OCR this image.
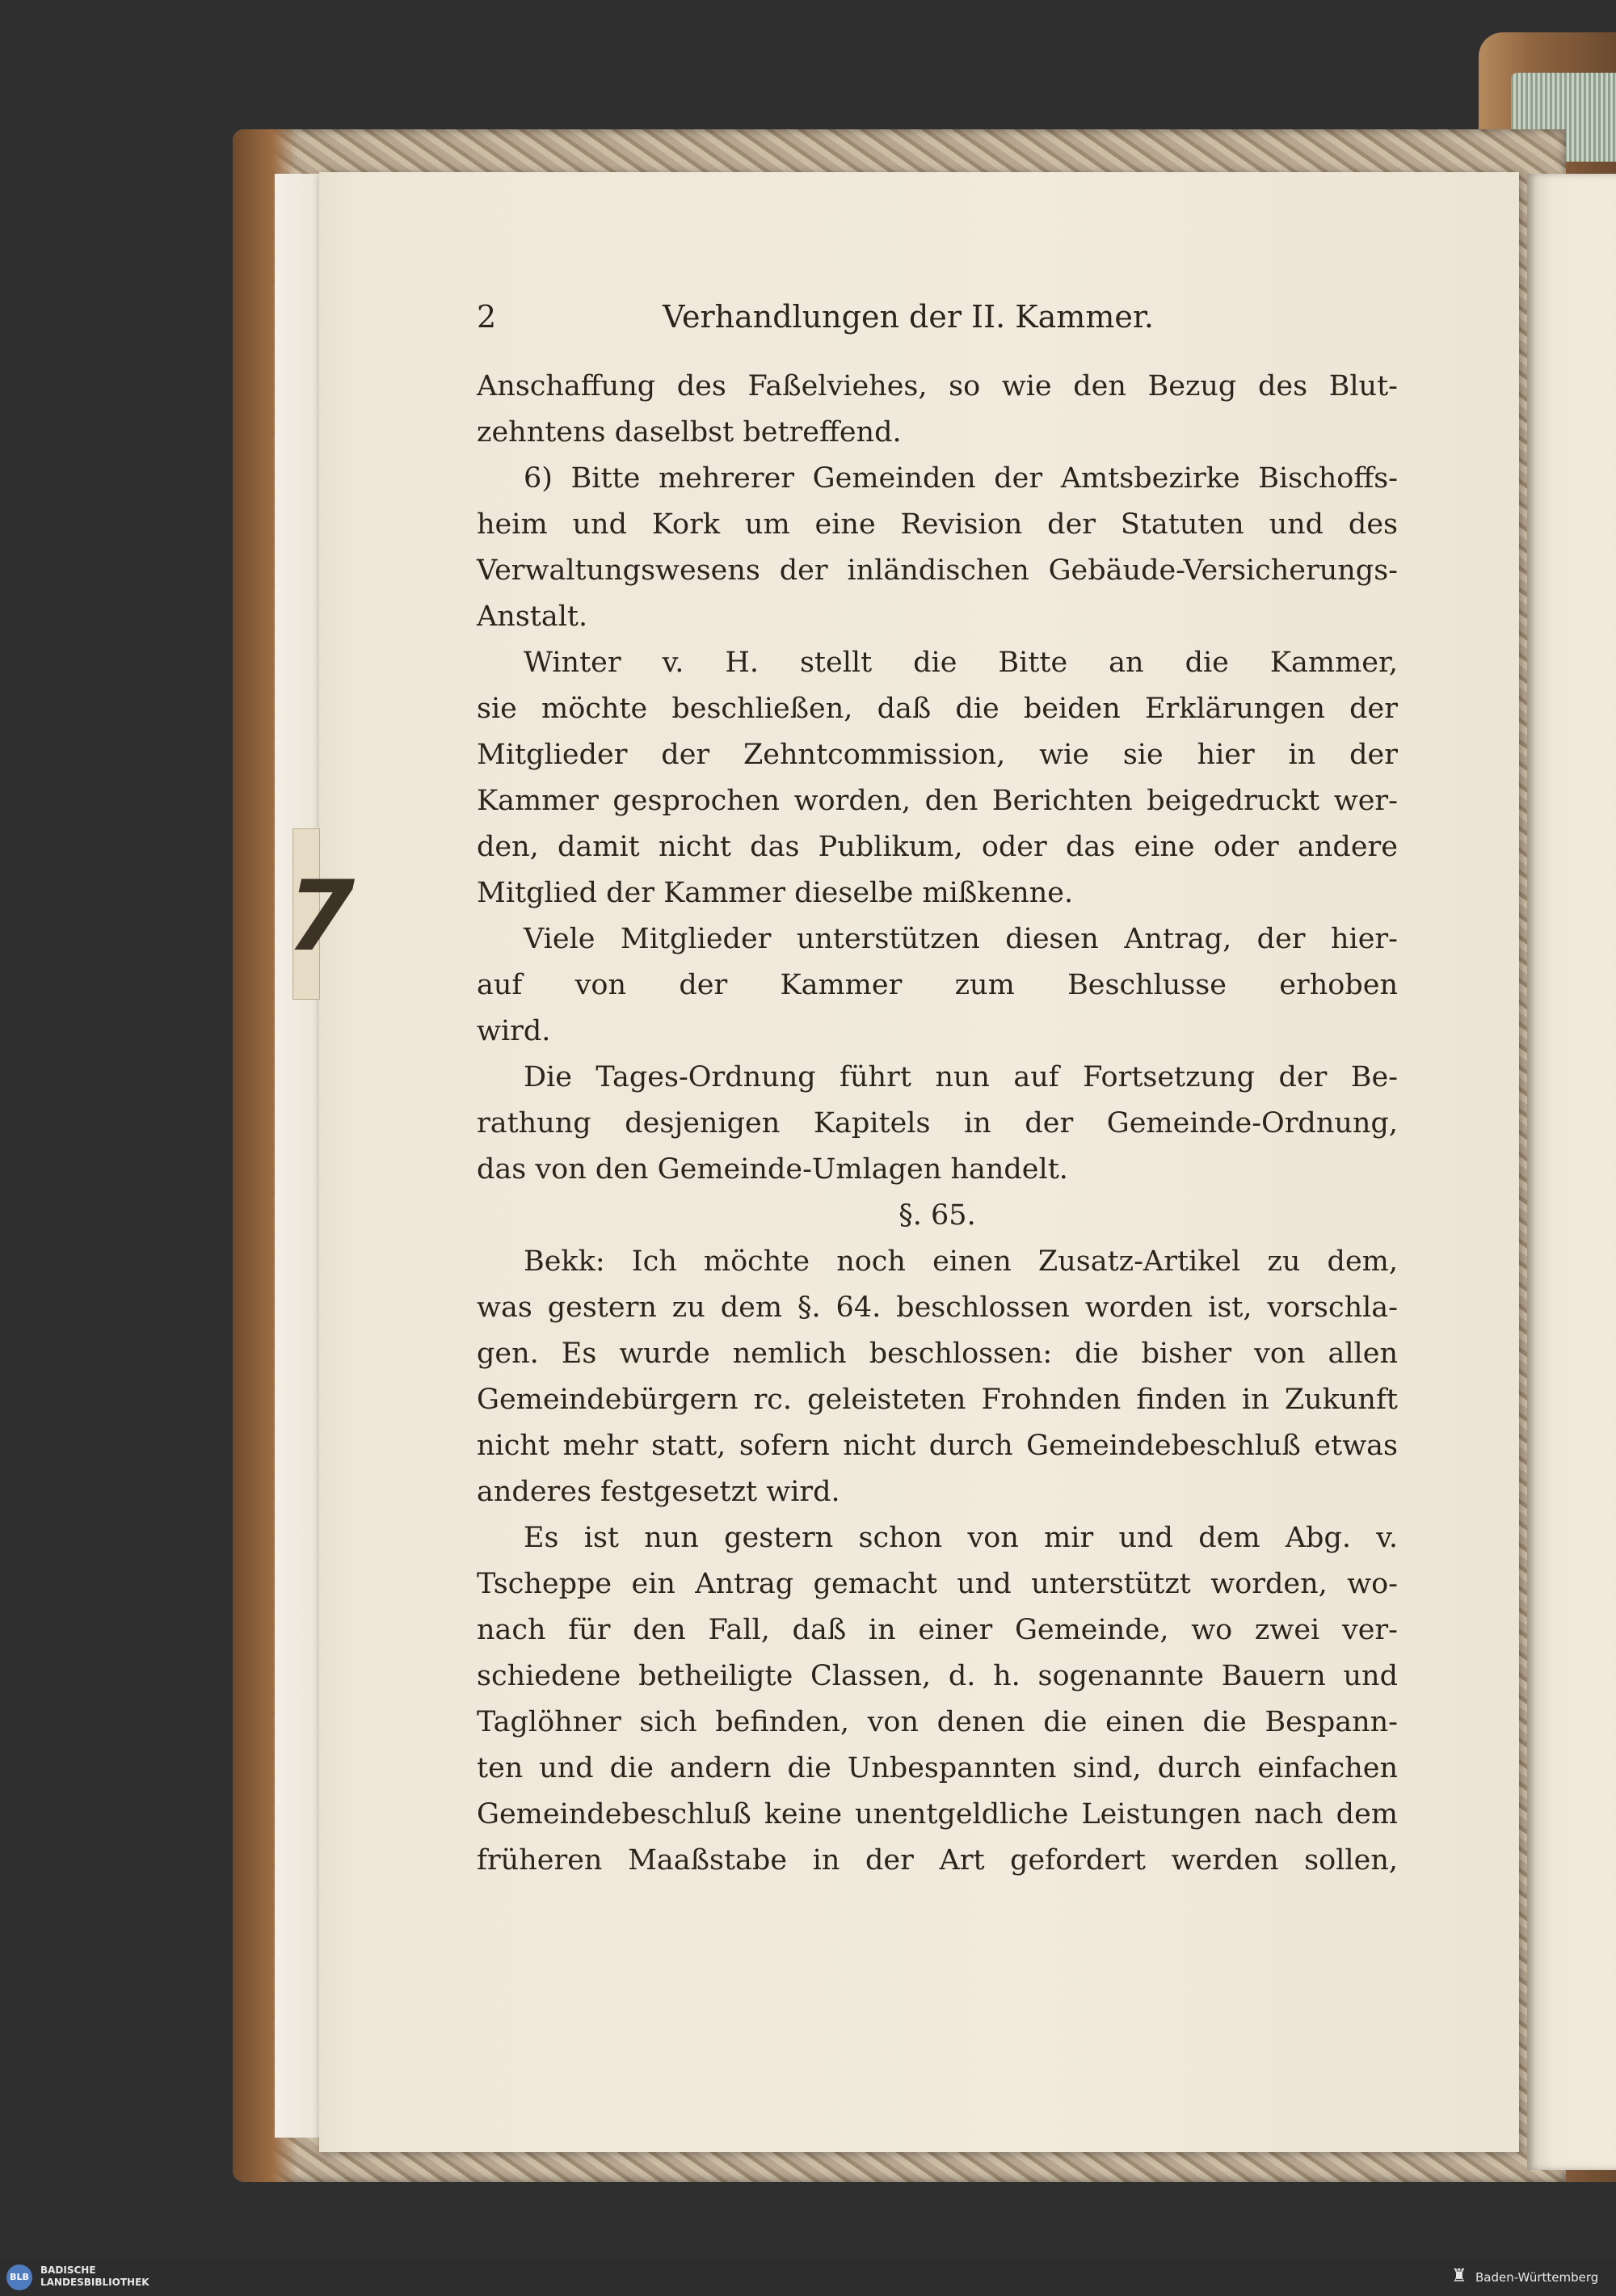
2	Verhandlungen der II. Kammer.
Anschaffung des Faßelviehes, so wie den Bezug des Blut-
zehntens daselbst betreffend.
6) Bitte mehrerer Gemeinden der Amtsbezirke Bischoffs-
heim und Kork um eine Revision der Statuten und des
Verwaltungswesens der inländischen Gebäude-Versicherungs-
Anstalt.
Winter v. H. stellt die Bitte an die Kammer,
sie möchte beschließen, daß die beiden Erklärungen der
Mitglieder der Zehntcommission, wie sie hier in der
Kammer gesprochen worden, den Berichten beigedruckt wer-
den, damit nicht das Publikum, oder das eine oder andere
Mitglied der Kammer dieselbe mißkenne.
Viele Mitglieder unterstützen diesen Antrag, der hier-
auf von der Kammer zum Beschlusse erhoben
wird.
Die Tages-Ordnung führt nun auf Fortsetzung der Be-
rathung desjenigen Kapitels in der Gemeinde-Ordnung,
das von den Gemeinde-Umlagen handelt.
§. 65.
Bekk: Ich möchte noch einen Zusatz-Artikel zu dem,
was gestern zu dem §. 64. beschlossen worden ist, vorschla-
gen. Es wurde nemlich beschlossen: die bisher von allen
Gemeindebürgern rc. geleisteten Frohnden finden in Zukunft
nicht mehr statt, sofern nicht durch Gemeindebeschluß etwas
anderes festgesetzt wird.
Es ist nun gestern schon von mir und dem Abg. v.
Tscheppe ein Antrag gemacht und unterstützt worden, wo-
nach für den Fall, daß in einer Gemeinde, wo zwei ver-
schiedene betheiligte Classen, d. h. sogenannte Bauern und
Taglöhner sich befinden, von denen die einen die Bespann-
ten und die andern die Unbespannten sind, durch einfachen
Gemeindebeschluß keine unentgeldliche Leistungen nach dem
früheren Maaßstabe in der Art gefordert werden sollen,
BLB
BADISCHE
LANDESBIBLIOTHEK	♜ Baden-Württemberg
